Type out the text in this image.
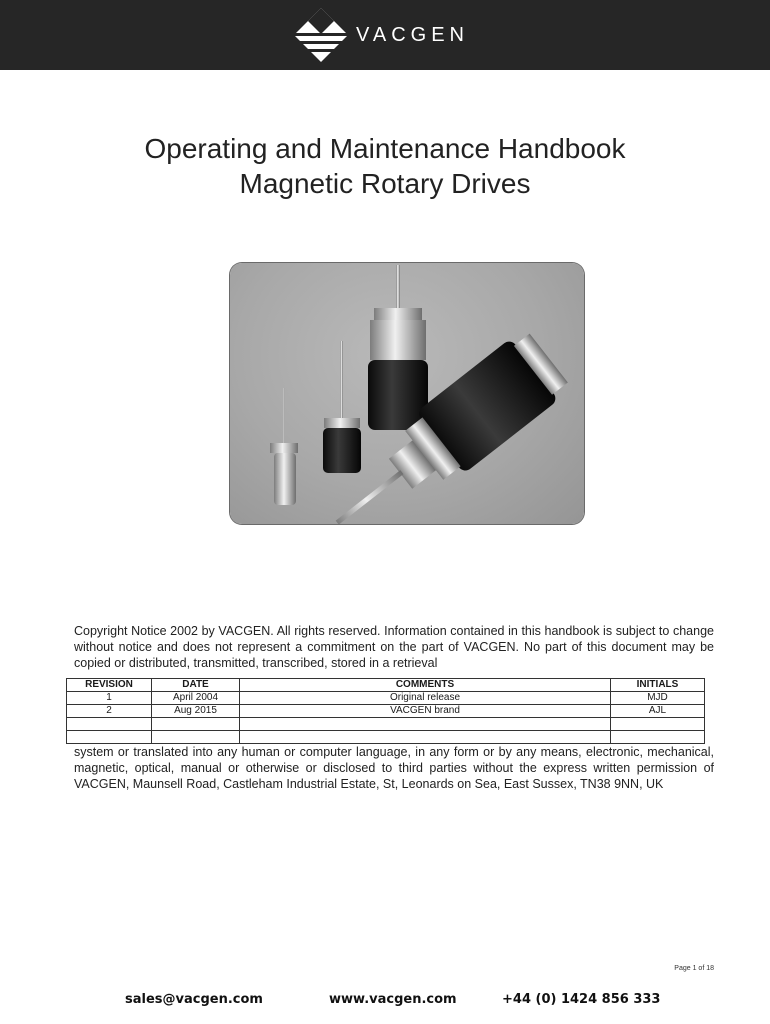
VACGEN
Operating and Maintenance Handbook
Magnetic Rotary Drives

Copyright Notice 2002 by VACGEN. All rights reserved. Information contained in this handbook is subject to change without notice and does not represent a commitment on the part of VACGEN. No part of this document may be copied or distributed, transmitted, transcribed, stored in a retrieval

REVISION	DATE	COMMENTS	INITIALS
1	April 2004	Original release	MJD
2	Aug 2015	VACGEN brand	AJL

system or translated into any human or computer language, in any form or by any means, electronic, mechanical, magnetic, optical, manual or otherwise or disclosed to third parties without the express written permission of VACGEN, Maunsell Road, Castleham Industrial Estate, St, Leonards on Sea, East Sussex, TN38 9NN, UK

Page 1 of 18
sales@vacgen.com	www.vacgen.com	+44 (0) 1424 856 333
